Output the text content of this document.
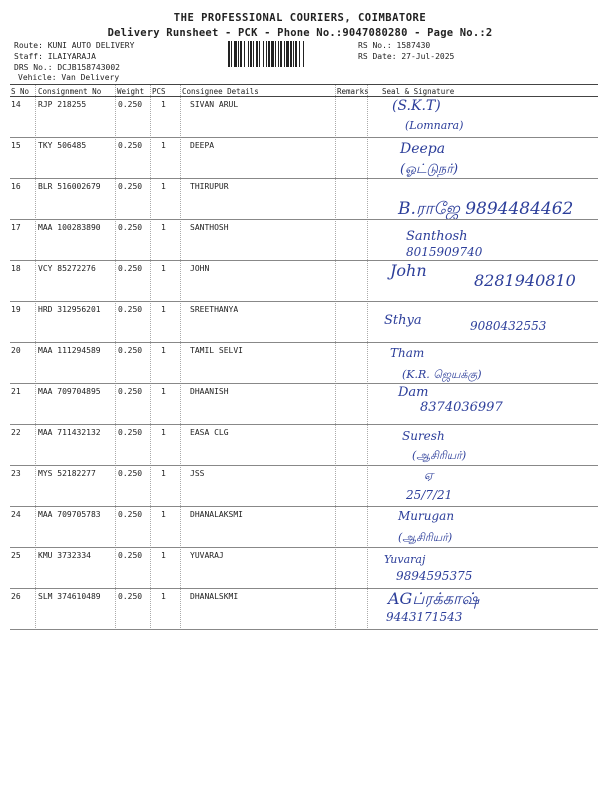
THE PROFESSIONAL COURIERS, COIMBATORE
Delivery Runsheet - PCK - Phone No.:9047080280 - Page No.:2
Route: KUNI AUTO DELIVERY
Staff: ILAIYARAJA
DRS No.: DCJB158743002
Vehicle: Van Delivery
RS No.: 1587430
RS Date: 27-Jul-2025
S No Consignment No Weight PCS Consignee Details	Remarks Seal & Signature
14 RJP 218255	0.250 1	SIVAN ARUL	(S.K.T)
(Lomnara)
15 TKY 506485	0.250 1	DEEPA	Deepa
(ஓட்டுநர்)
16 BLR 516002679 0.250 1	THIRUPUR
B.ராஜே 9894484462
17 MAA 100283890 0.250 1	SANTHOSH
Santhosh
8015909740
18 VCY 85272276	0.250 1	JOHN	John
8281940810
19 HRD 312956201 0.250 1	SREETHANYA
Sthya	9080432553
20 MAA 111294589 0.250 1	TAMIL SELVI	Tham
(K.R. ஜெயக்கு)
21 MAA 709704895 0.250 1	DHAANISH	Dam
8374036997
22 MAA 711432132 0.250 1	EASA CLG	Suresh
(ஆசிரியர்)
23 MYS 52182277	0.250 1	JSS	ஏ
25/7/21
24 MAA 709705783 0.250 1	DHANALAKSMI	Murugan
(ஆசிரியர்)
25 KMU 3732334	0.250 1	YUVARAJ	Yuvaraj
9894595375
26 SLM 374610489 0.250 1	DHANALSKMI	AGப்ரக்காஷ்
9443171543
